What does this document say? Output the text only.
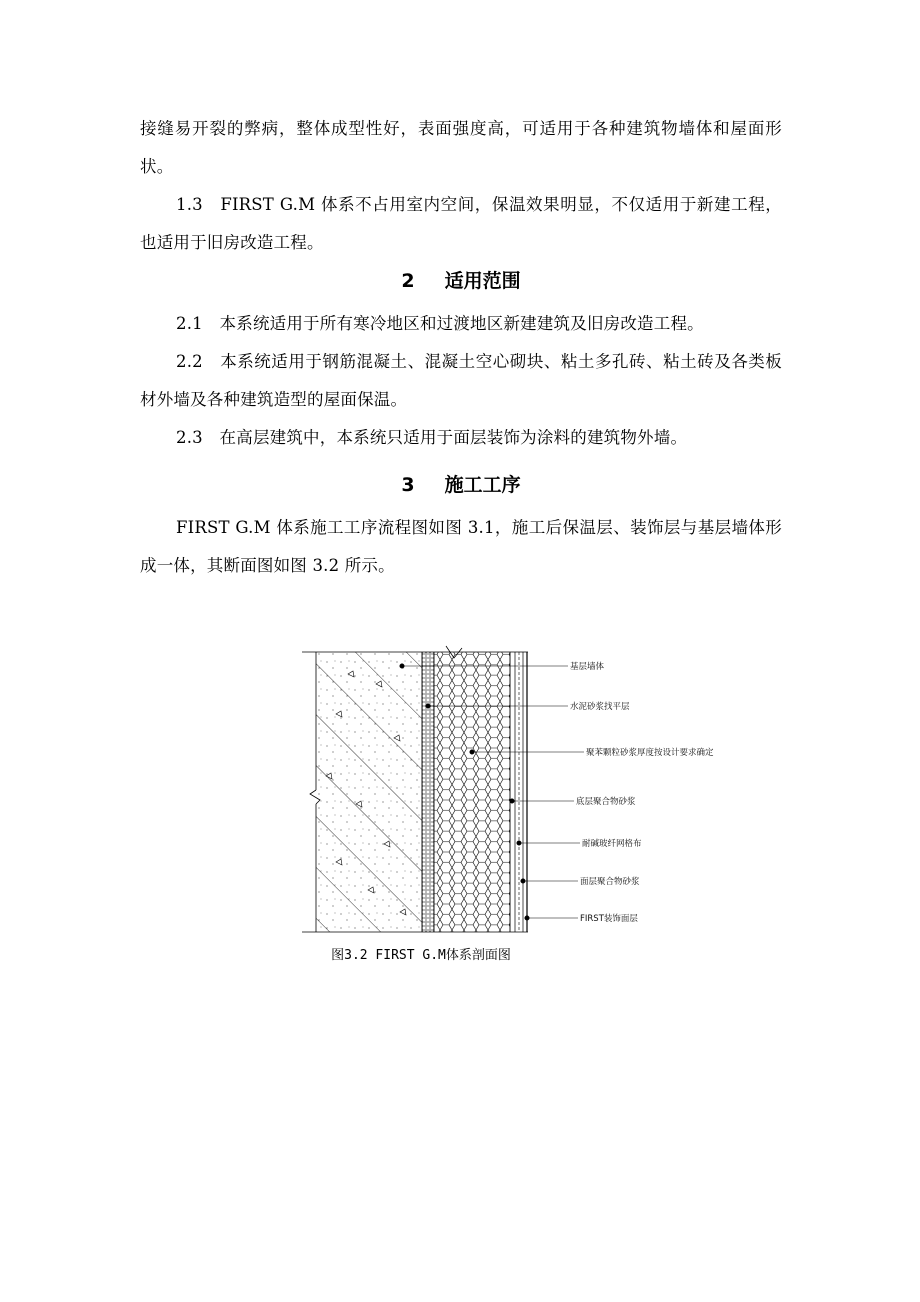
接缝易开裂的弊病，整体成型性好，表面强度高，可适用于各种建筑物墙体和屋面形状。

1.3　FIRST G.M 体系不占用室内空间，保温效果明显，不仅适用于新建工程，也适用于旧房改造工程。

2 适用范围

2.1　本系统适用于所有寒冷地区和过渡地区新建建筑及旧房改造工程。

2.2　本系统适用于钢筋混凝土、混凝土空心砌块、粘土多孔砖、粘土砖及各类板材外墙及各种建筑造型的屋面保温。

2.3　在高层建筑中，本系统只适用于面层装饰为涂料的建筑物外墙。

3 施工工序

FIRST G.M 体系施工工序流程图如图 3.1，施工后保温层、装饰层与基层墙体形成一体，其断面图如图 3.2 所示。

基层墙体
水泥砂浆找平层
聚苯颗粒砂浆厚度按设计要求确定
底层聚合物砂浆
耐碱玻纤网格布
面层聚合物砂浆
FIRST装饰面层

图3.2 FIRST G.M体系剖面图
